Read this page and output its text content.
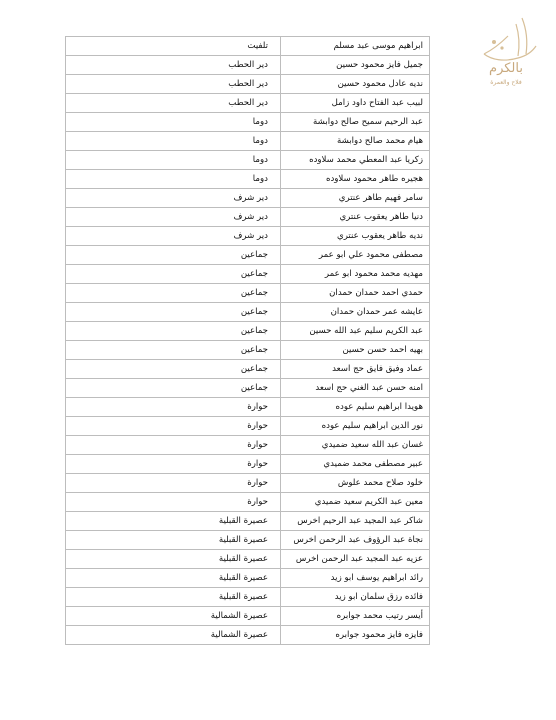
بالكرم
فلاح والعمرة
ابراهيم موسى عبد مسلم	تلفيت
جميل فايز محمود حسين	دير الحطب
نديه عادل محمود حسين	دير الحطب
لبيب عبد الفتاح داود زامل	دير الحطب
عبد الرحيم سميح صالح دوابشة	دوما
هيام محمد صالح دوابشة	دوما
زكريا عبد المعطي محمد سلاوده	دوما
هجيره طاهر محمود سلاوده	دوما
سامر فهيم طاهر عنتري	دير شرف
دنيا طاهر يعقوب عنتري	دير شرف
نديه طاهر يعقوب عنتري	دير شرف
مصطفى محمود علي ابو عمر	جماعين
مهديه محمد محمود ابو عمر	جماعين
حمدي احمد حمدان حمدان	جماعين
عايشه عمر حمدان حمدان	جماعين
عبد الكريم سليم عبد الله حسين	جماعين
بهيه احمد حسن حسين	جماعين
عماد وفيق فايق حج اسعد	جماعين
امنه حسن عبد الغني حج اسعد	جماعين
هويدا ابراهيم سليم عوده	حوارة
نور الدين ابراهيم سليم عوده	حوارة
غسان عبد الله سعيد ضميدي	حوارة
عبير مصطفى محمد ضميدي	حوارة
خلود صلاح محمد علوش	حوارة
معين عبد الكريم سعيد ضميدي	حوارة
شاكر عبد المجيد عبد الرحيم اخرس	عصيرة القبلية
نجاة عبد الرؤوف عبد الرحمن اخرس	عصيرة القبلية
عزيه عبد المجيد عبد الرحمن اخرس	عصيرة القبلية
رائد ابراهيم يوسف ابو زيد	عصيرة القبلية
فائده رزق سلمان ابو زيد	عصيرة القبلية
أيسر رتيب محمد جوابره	عصيرة الشمالية
فايزه فايز محمود جوابره	عصيرة الشمالية
